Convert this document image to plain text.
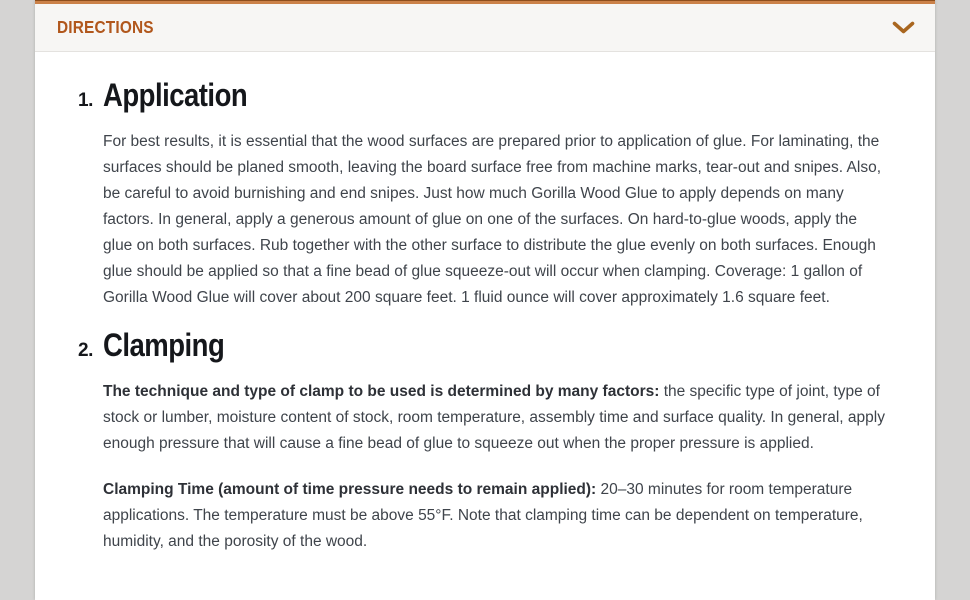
DIRECTIONS
1. Application

For best results, it is essential that the wood surfaces are prepared prior to application of glue. For laminating, the surfaces should be planed smooth, leaving the board surface free from machine marks, tear-out and snipes. Also, be careful to avoid burnishing and end snipes. Just how much Gorilla Wood Glue to apply depends on many factors. In general, apply a generous amount of glue on one of the surfaces. On hard-to-glue woods, apply the glue on both surfaces. Rub together with the other surface to distribute the glue evenly on both surfaces. Enough glue should be applied so that a fine bead of glue squeeze-out will occur when clamping. Coverage: 1 gallon of Gorilla Wood Glue will cover about 200 square feet. 1 fluid ounce will cover approximately 1.6 square feet.

2. Clamping

The technique and type of clamp to be used is determined by many factors: the specific type of joint, type of stock or lumber, moisture content of stock, room temperature, assembly time and surface quality. In general, apply enough pressure that will cause a fine bead of glue to squeeze out when the proper pressure is applied.

Clamping Time (amount of time pressure needs to remain applied): 20–30 minutes for room temperature applications. The temperature must be above 55°F. Note that clamping time can be dependent on temperature, humidity, and the porosity of the wood.
